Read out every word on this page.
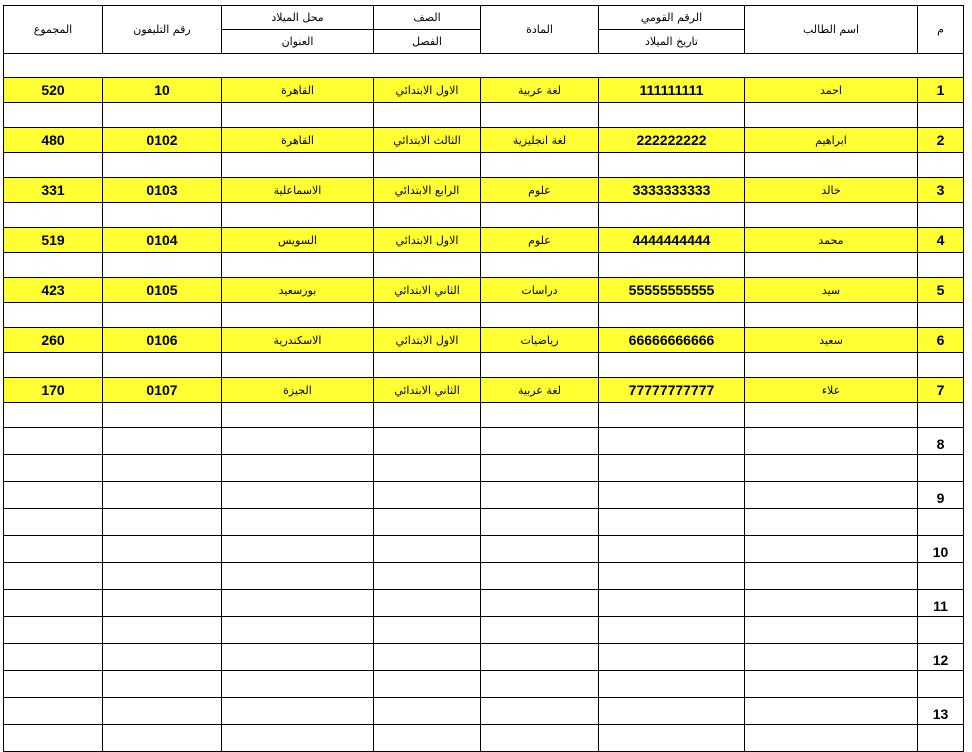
م	اسم الطالب	الرقم القومي	المادة	الصف	محل الميلاد	رقم التليفون	المجموع
		تاريخ الميلاد		الفصل	العنوان		

1	احمد	111111111	لغة عربية	الاول الابتدائي	القاهرة	10	520

2	ابراهيم	222222222	لغة انجليزية	الثالث الابتدائي	القاهرة	0102	480

3	خالد	3333333333	علوم	الرابع الابتدائي	الاسماعلية	0103	331

4	محمد	4444444444	علوم	الاول الابتدائي	السويس	0104	519

5	سيد	55555555555	دراسات	الثاني الابتدائي	بورسعيد	0105	423

6	سعيد	66666666666	رياضيات	الاول الابتدائي	الاسكندرية	0106	260

7	علاء	77777777777	لغة عربية	الثاني الابتدائي	الجيزة	0107	170

8							

9							

10							

11							

12							

13							
